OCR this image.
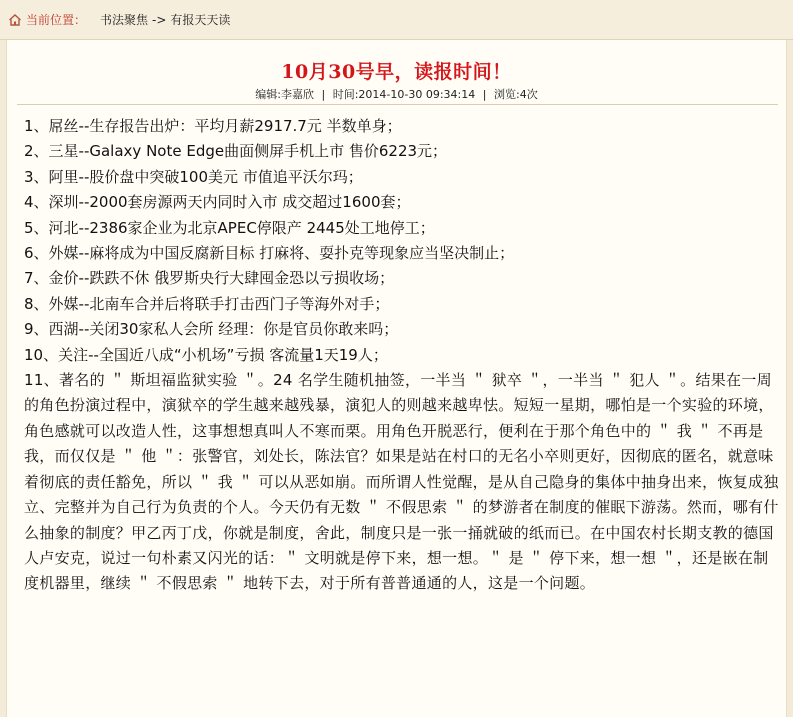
当前位置： 书法聚焦 -> 有报天天读
10月30号早，读报时间！
编辑:李嘉欣 | 时间:2014-10-30 09:34:14 | 浏览:4次

1、屌丝--生存报告出炉：平均月薪2917.7元 半数单身；

2、三星--Galaxy Note Edge曲面侧屏手机上市 售价6223元；

3、阿里--股价盘中突破100美元 市值追平沃尔玛；

4、深圳--2000套房源两天内同时入市 成交超过1600套；

5、河北--2386家企业为北京APEC停限产 2445处工地停工；

6、外媒--麻将成为中国反腐新目标 打麻将、耍扑克等现象应当坚决制止；

7、金价--跌跌不休 俄罗斯央行大肆囤金恐以亏损收场；

8、外媒--北南车合并后将联手打击西门子等海外对手；

9、西湖--关闭30家私人会所 经理：你是官员你敢来吗；

10、关注--全国近八成“小机场”亏损 客流量1天19人；

11、著名的 ＂ 斯坦福监狱实验 ＂。24 名学生随机抽签，一半当 ＂ 狱卒 ＂，一半当 ＂ 犯人 ＂。结果在一周的角色扮演过程中，演狱卒的学生越来越残暴，演犯人的则越来越卑怯。短短一星期，哪怕是一个实验的环境，角色感就可以改造人性，这事想想真叫人不寒而栗。用角色开脱恶行，便利在于那个角色中的 ＂ 我 ＂ 不再是我，而仅仅是 ＂ 他 ＂：张警官，刘处长，陈法官？如果是站在村口的无名小卒则更好，因彻底的匿名，就意味着彻底的责任豁免，所以 ＂ 我 ＂ 可以从恶如崩。而所谓人性觉醒，是从自己隐身的集体中抽身出来，恢复成独立、完整并为自己行为负责的个人。今天仍有无数 ＂ 不假思索 ＂ 的梦游者在制度的催眠下游荡。然而，哪有什么抽象的制度？甲乙丙丁戊，你就是制度，舍此，制度只是一张一捅就破的纸而已。在中国农村长期支教的德国人卢安克，说过一句朴素又闪光的话：＂ 文明就是停下来，想一想。＂ 是 ＂ 停下来，想一想 ＂，还是嵌在制度机器里，继续 ＂ 不假思索 ＂ 地转下去，对于所有普普通通的人，这是一个问题。
